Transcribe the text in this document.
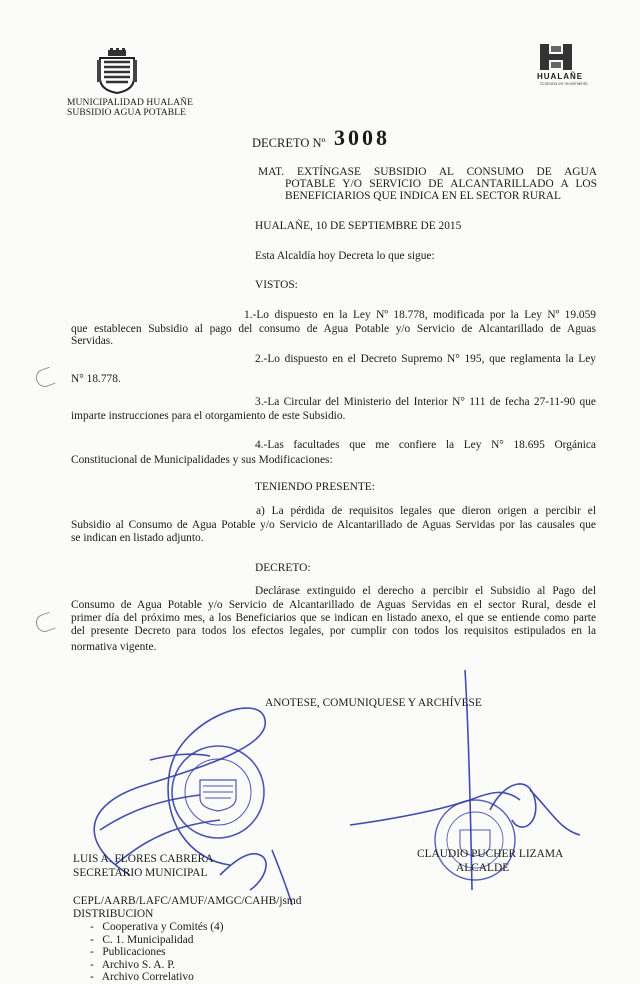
MUNICIPALIDAD HUALAÑE
SUBSIDIO AGUA POTABLE
HUALAÑE
Comuna en movimiento
DECRETO Nº 3008
MAT. EXTÍNGASE SUBSIDIO AL CONSUMO DE AGUA
POTABLE Y/O SERVICIO DE ALCANTARILLADO A LOS
BENEFICIARIOS QUE INDICA EN EL SECTOR RURAL
HUALAÑE, 10 DE SEPTIEMBRE DE 2015
Esta Alcaldía hoy Decreta lo que sigue:
VISTOS:
1.-Lo dispuesto en la Ley Nº 18.778, modificada por la Ley Nº 19.059
que establecen Subsidio al pago del consumo de Agua Potable y/o Servicio de Alcantarillado de Aguas
Servidas.
2.-Lo dispuesto en el Decreto Supremo N° 195, que reglamenta la Ley
N° 18.778.
3.-La Circular del Ministerio del Interior N° 111 de fecha 27-11-90 que
imparte instrucciones para el otorgamiento de este Subsidio.
4.-Las facultades que me confiere la Ley N° 18.695 Orgánica
Constitucional de Municipalidades y sus Modificaciones:
TENIENDO PRESENTE:
a) La pérdida de requisitos legales que dieron origen a percibir el
Subsidio al Consumo de Agua Potable y/o Servicio de Alcantarillado de Aguas Servidas por las causales que
se indican en listado adjunto.
DECRETO:
Declárase extinguido el derecho a percibir el Subsidio al Pago del
Consumo de Agua Potable y/o Servicio de Alcantarillado de Aguas Servidas en el sector Rural, desde el
primer día del próximo mes, a los Beneficiarios que se indican en listado anexo, el que se entiende como parte
del presente Decreto para todos los efectos legales, por cumplir con todos los requisitos estipulados en la
normativa vigente.
ANOTESE, COMUNIQUESE Y ARCHÍVESE
LUIS A. FLORES CABRERA
SECRETARIO MUNICIPAL
CLAUDIO PUCHER LIZAMA
ALCALDE
CEPL/AARB/LAFC/AMUF/AMGC/CAHB/jsmd
DISTRIBUCION
-   Cooperativa y Comités (4)
-   C. 1. Municipalidad
-   Publicaciones
-   Archivo S. A. P.
-   Archivo Correlativo
